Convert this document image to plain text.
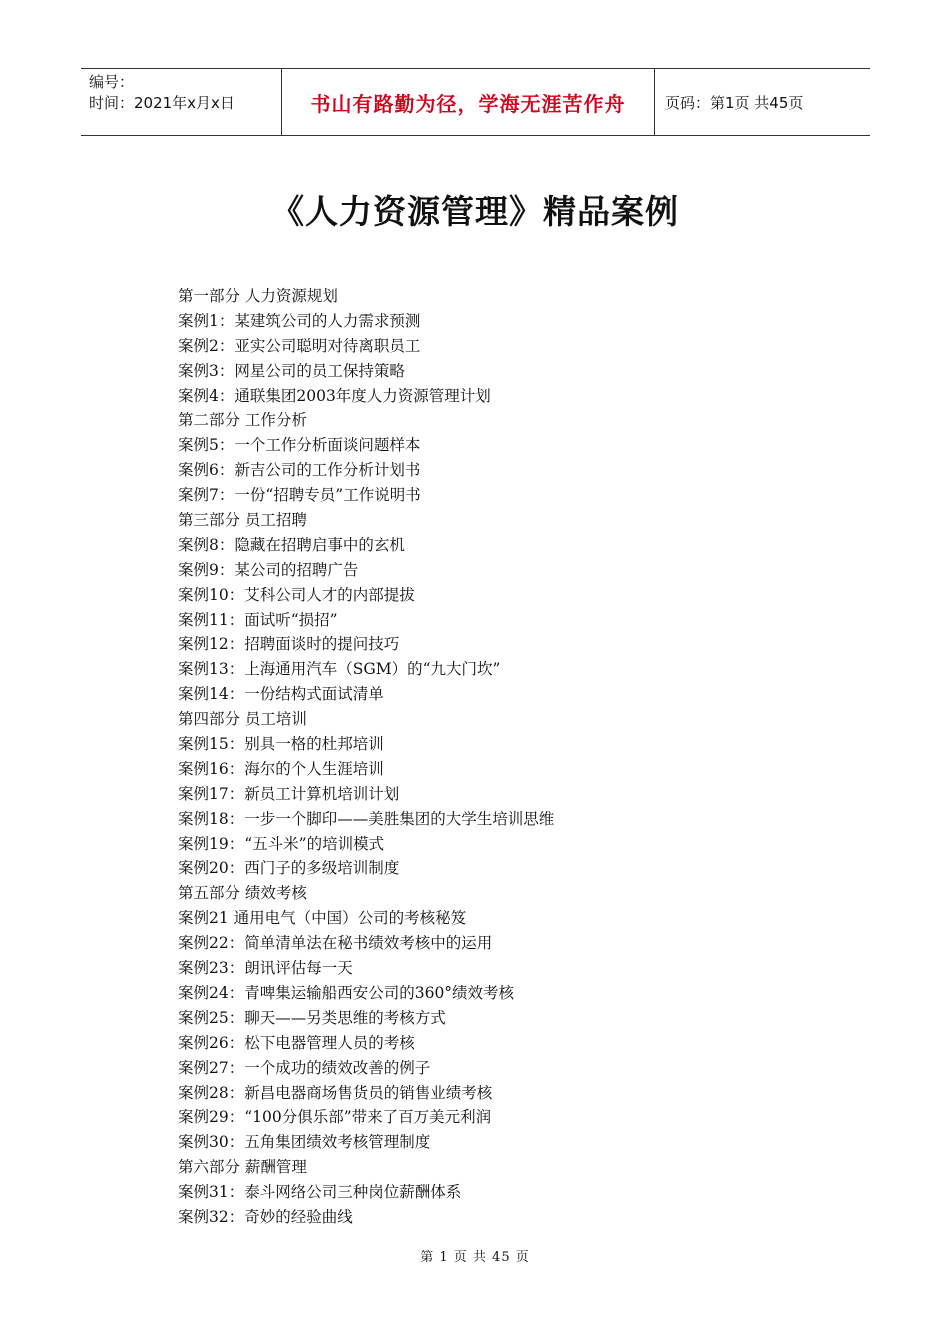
编号：
时间：2021年x月x日	书山有路勤为径，学海无涯苦作舟	页码：第1页 共45页
《人力资源管理》精品案例
第一部分 人力资源规划
案例1：某建筑公司的人力需求预测
案例2：亚实公司聪明对待离职员工
案例3：网星公司的员工保持策略
案例4：通联集团2003年度人力资源管理计划
第二部分 工作分析
案例5：一个工作分析面谈问题样本
案例6：新吉公司的工作分析计划书
案例7：一份“招聘专员”工作说明书
第三部分 员工招聘
案例8：隐藏在招聘启事中的玄机
案例9：某公司的招聘广告
案例10：艾科公司人才的内部提拔
案例11：面试听“损招”
案例12：招聘面谈时的提问技巧
案例13：上海通用汽车（SGM）的“九大门坎”
案例14：一份结构式面试清单
第四部分 员工培训
案例15：别具一格的杜邦培训
案例16：海尔的个人生涯培训
案例17：新员工计算机培训计划
案例18：一步一个脚印——美胜集团的大学生培训思维
案例19：“五斗米”的培训模式
案例20：西门子的多级培训制度
第五部分 绩效考核
案例21 通用电气（中国）公司的考核秘笈
案例22：简单清单法在秘书绩效考核中的运用
案例23：朗讯评估每一天
案例24：青啤集运输船西安公司的360°绩效考核
案例25：聊天——另类思维的考核方式
案例26：松下电器管理人员的考核
案例27：一个成功的绩效改善的例子
案例28：新昌电器商场售货员的销售业绩考核
案例29：“100分俱乐部”带来了百万美元利润
案例30：五角集团绩效考核管理制度
第六部分 薪酬管理
案例31：泰斗网络公司三种岗位薪酬体系
案例32：奇妙的经验曲线
第 1 页 共 45 页
